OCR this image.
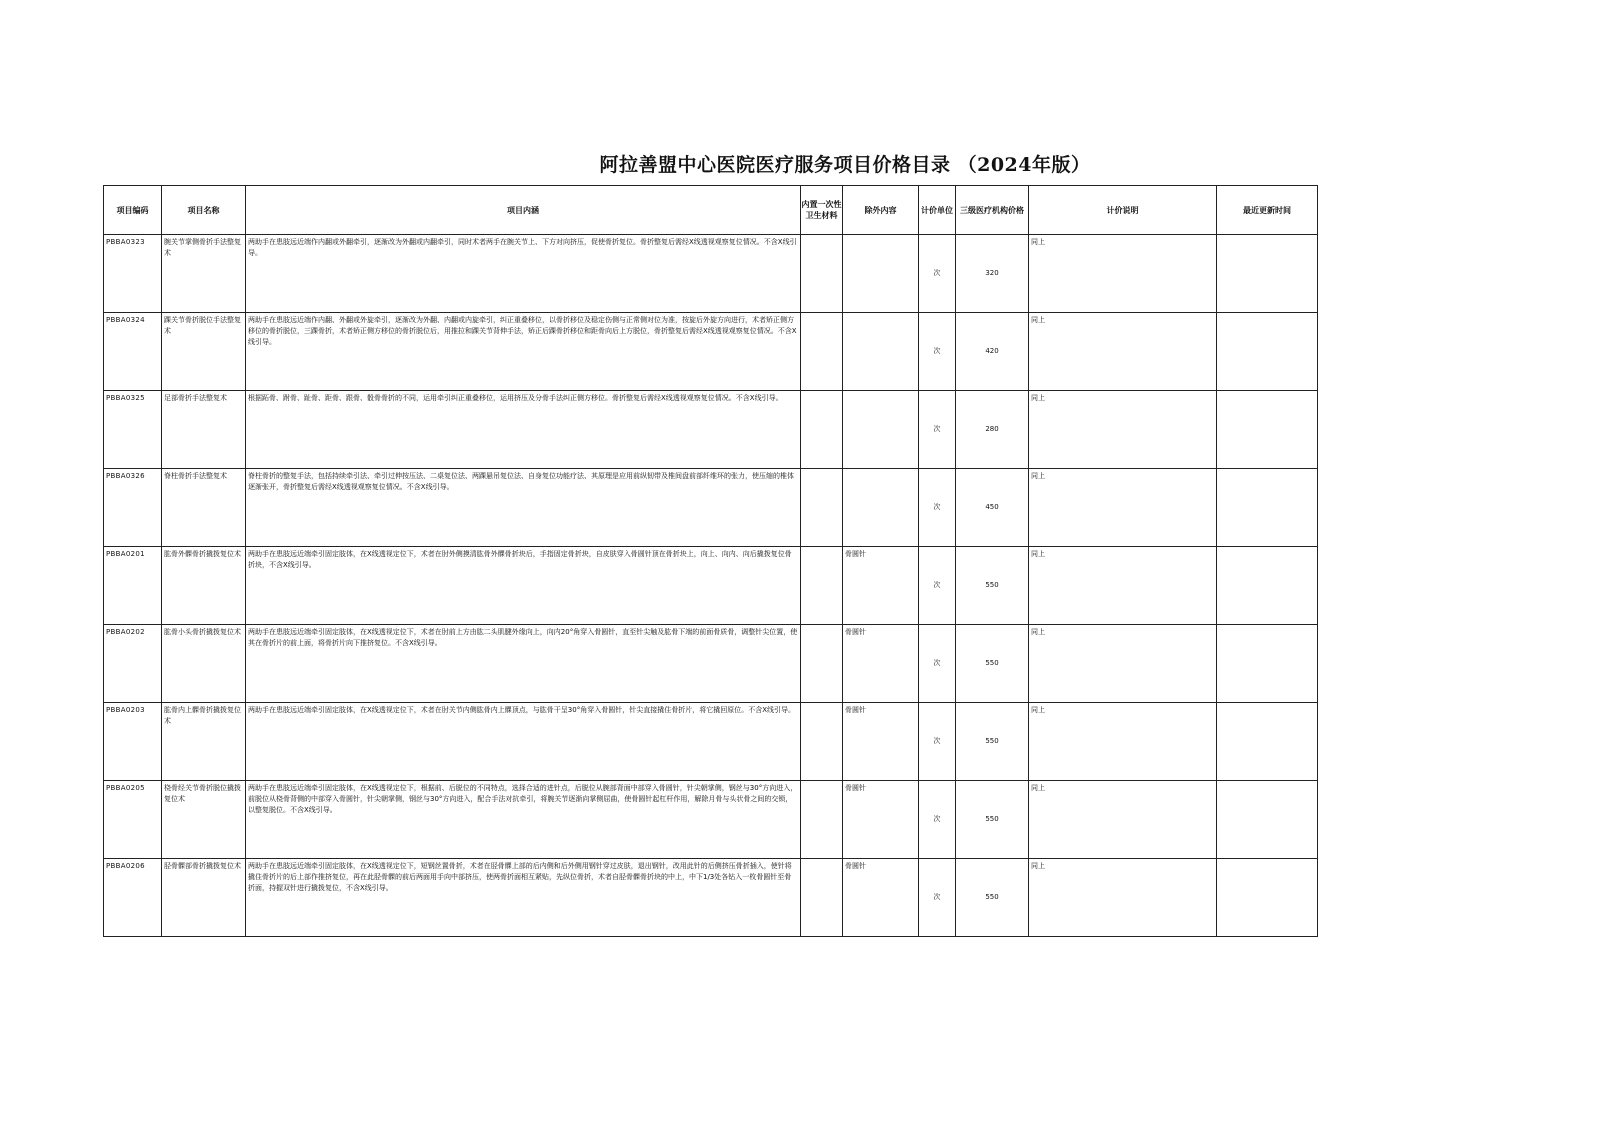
阿拉善盟中心医院医疗服务项目价格目录 （2024年版）
项目编码	项目名称	项目内涵	内置一次性卫生材料	除外内容	计价单位	三级医疗机构价格	计价说明	最近更新时间
PBBA0323	腕关节掌侧骨折手法整复术	两助手在患肢远近端作内翻或外翻牵引，逐渐改为外翻或内翻牵引，同时术者两手在腕关节上、下方对向挤压，促使骨折复位。骨折整复后需经X线透视观察复位情况。不含X线引导。			次	320	同上	
PBBA0324	踝关节骨折脱位手法整复术	两助手在患肢远近端作内翻、外翻或外旋牵引，逐渐改为外翻、内翻或内旋牵引，纠正重叠移位，以骨折移位及稳定伤侧与正常侧对位为准，按旋后外旋方向进行，术者矫正侧方移位的骨折脱位，三踝骨折，术者矫正侧方移位的骨折脱位后，用推拉和踝关节背伸手法，矫正后踝骨折移位和距骨向后上方脱位，骨折整复后需经X线透视观察复位情况。不含X线引导。			次	420	同上	
PBBA0325	足部骨折手法整复术	根据跖骨、跗骨、趾骨、距骨、跟骨、骰骨骨折的不同，运用牵引纠正重叠移位，运用挤压及分骨手法纠正侧方移位。骨折整复后需经X线透视观察复位情况。不含X线引导。			次	280	同上	
PBBA0326	脊柱骨折手法整复术	脊柱骨折的整复手法，包括持续牵引法、牵引过伸按压法、二桌复位法、两踝悬吊复位法、自身复位功能疗法、其原理是应用前纵韧带及椎间盘前部纤维环的张力，使压缩的椎体逐渐张开，骨折整复后需经X线透视观察复位情况。不含X线引导。			次	450	同上	
PBBA0201	肱骨外髁骨折撬拨复位术	两助手在患肢远近端牵引固定肢体，在X线透视定位下，术者在肘外侧摸清肱骨外髁骨折块后，手指固定骨折块，自皮肤穿入骨圆针顶在骨折块上，向上、向内、向后撬拨复位骨折块，不含X线引导。		骨圆针	次	550	同上	
PBBA0202	肱骨小头骨折撬拨复位术	两助手在患肢远近端牵引固定肢体，在X线透视定位下，术者在肘前上方由肱二头肌腱外缘向上，向内20°角穿入骨圆针，直至针尖触及肱骨下端的前面骨质骨，调整针尖位置，使其在骨折片的前上面，将骨折片向下推挤复位。不含X线引导。		骨圆针	次	550	同上	
PBBA0203	肱骨内上髁骨折撬拨复位术	两助手在患肢远近端牵引固定肢体，在X线透视定位下，术者在肘关节内侧肱骨内上髁顶点，与肱骨干呈30°角穿入骨圆针，针尖直接撬住骨折片，将它撬回原位。不含X线引导。		骨圆针	次	550	同上	
PBBA0205	桡骨经关节骨折脱位撬拨复位术	两助手在患肢远近端牵引固定肢体，在X线透视定位下，根据前、后脱位的不同特点，选择合适的进针点，后脱位从腕部背面中部穿入骨圆针，针尖朝掌侧，钢丝与30°方向进入，前脱位从桡骨背侧的中部穿入骨圆针，针尖朝掌侧，钢丝与30°方向进入，配合手法对抗牵引，将腕关节逐渐向掌侧屈曲，使骨圆针起杠杆作用，解除月骨与头状骨之间的交锁，以整复脱位。不含X线引导。		骨圆针	次	550	同上	
PBBA0206	胫骨髁部骨折撬拨复位术	两助手在患肢远近端牵引固定肢体，在X线透视定位下，短钢丝置骨折，术者在胫骨髁上部的后内侧和后外侧用钢针穿过皮肤，退出钢针，改用此针的后侧挤压骨折插入，使针将撬住骨折片的后上部作推挤复位，再在此胫骨髁的前后两面用手向中部挤压，使两骨折面相互紧贴，先纵位骨折，术者自胫骨髁骨折块的中上，中下1/3处各钻入一枚骨圆针至骨折面，持握双针进行撬拨复位，不含X线引导。		骨圆针	次	550	同上	
